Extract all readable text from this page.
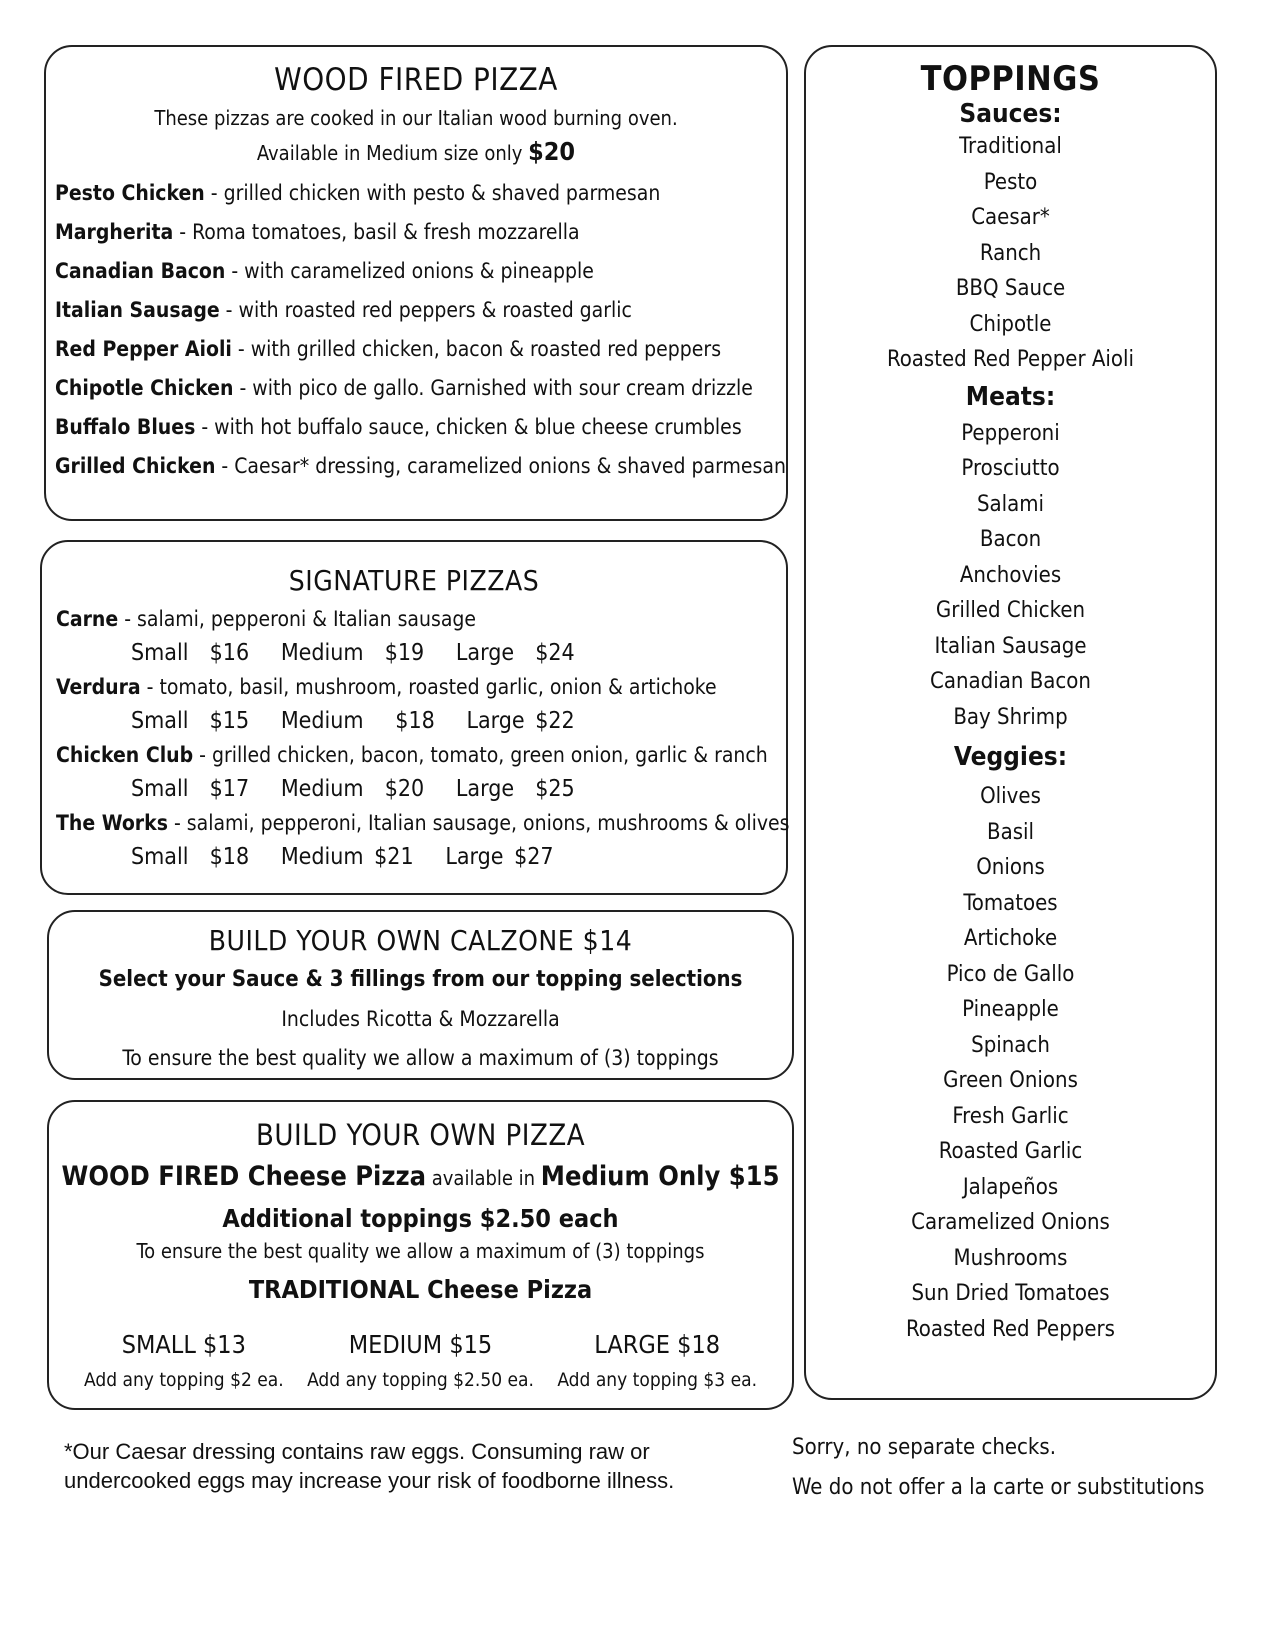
WOOD FIRED PIZZA
These pizzas are cooked in our Italian wood burning oven.
Available in Medium size only $20
Pesto Chicken - grilled chicken with pesto & shaved parmesan
Margherita - Roma tomatoes, basil & fresh mozzarella
Canadian Bacon - with caramelized onions & pineapple
Italian Sausage - with roasted red peppers & roasted garlic
Red Pepper Aioli - with grilled chicken, bacon & roasted red peppers
Chipotle Chicken - with pico de gallo. Garnished with sour cream drizzle
Buffalo Blues - with hot buffalo sauce, chicken & blue cheese crumbles
Grilled Chicken - Caesar* dressing, caramelized onions & shaved parmesan
SIGNATURE PIZZAS
Carne - salami, pepperoni & Italian sausage
Small  $16   Medium  $19   Large  $24
Verdura - tomato, basil, mushroom, roasted garlic, onion & artichoke
Small  $15   Medium   $18   Large $22
Chicken Club - grilled chicken, bacon, tomato, green onion, garlic & ranch
Small  $17   Medium  $20   Large  $25
The Works - salami, pepperoni, Italian sausage, onions, mushrooms & olives
Small  $18   Medium $21   Large $27
BUILD YOUR OWN CALZONE $14
Select your Sauce & 3 fillings from our topping selections
Includes Ricotta & Mozzarella
To ensure the best quality we allow a maximum of (3) toppings
BUILD YOUR OWN PIZZA
WOOD FIRED Cheese Pizza available in Medium Only $15
Additional toppings $2.50 each
To ensure the best quality we allow a maximum of (3) toppings
TRADITIONAL Cheese Pizza
SMALL $13
Add any topping $2 ea.
MEDIUM $15
Add any topping $2.50 ea.
LARGE $18
Add any topping $3 ea.
TOPPINGS
Sauces:
Traditional
Pesto
Caesar*
Ranch
BBQ Sauce
Chipotle
Roasted Red Pepper Aioli
Meats:
Pepperoni
Prosciutto
Salami
Bacon
Anchovies
Grilled Chicken
Italian Sausage
Canadian Bacon
Bay Shrimp
Veggies:
Olives
Basil
Onions
Tomatoes
Artichoke
Pico de Gallo
Pineapple
Spinach
Green Onions
Fresh Garlic
Roasted Garlic
Jalapeños
Caramelized Onions
Mushrooms
Sun Dried Tomatoes
Roasted Red Peppers
*Our Caesar dressing contains raw eggs. Consuming raw or undercooked eggs may increase your risk of foodborne illness.
Sorry, no separate checks.
We do not offer a la carte or substitutions
